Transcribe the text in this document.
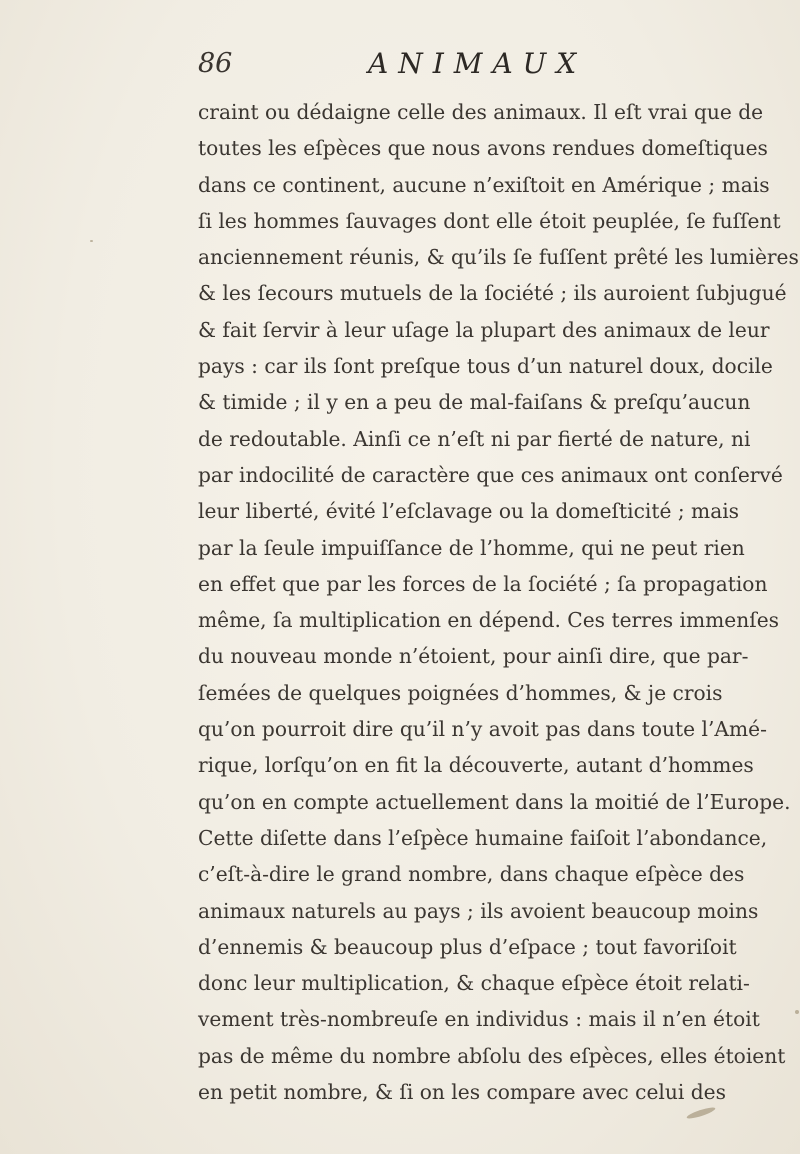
86	ANIMAUX
craint ou dédaigne celle des animaux. Il eſt vrai que de
toutes les eſpèces que nous avons rendues domeſtiques
dans ce continent, aucune n’exiſtoit en Amérique ; mais
ſi les hommes ſauvages dont elle étoit peuplée, ſe fuſſent
anciennement réunis, & qu’ils ſe fuſſent prêté les lumières
& les ſecours mutuels de la ſociété ; ils auroient ſubjugué
& fait ſervir à leur uſage la plupart des animaux de leur
pays : car ils ſont preſque tous d’un naturel doux, docile
& timide ; il y en a peu de mal-faiſans & preſqu’aucun
de redoutable. Ainſi ce n’eſt ni par fierté de nature, ni
par indocilité de caractère que ces animaux ont conſervé
leur liberté, évité l’eſclavage ou la domeſticité ; mais
par la ſeule impuiſſance de l’homme, qui ne peut rien
en effet que par les forces de la ſociété ; ſa propagation
même, ſa multiplication en dépend. Ces terres immenſes
du nouveau monde n’étoient, pour ainſi dire, que par-
ſemées de quelques poignées d’hommes, & je crois
qu’on pourroit dire qu’il n’y avoit pas dans toute l’Amé-
rique, lorſqu’on en fit la découverte, autant d’hommes
qu’on en compte actuellement dans la moitié de l’Europe.
Cette diſette dans l’eſpèce humaine faiſoit l’abondance,
c’eſt-à-dire le grand nombre, dans chaque eſpèce des
animaux naturels au pays ; ils avoient beaucoup moins
d’ennemis & beaucoup plus d’eſpace ; tout favoriſoit
donc leur multiplication, & chaque eſpèce étoit relati-
vement très-nombreuſe en individus : mais il n’en étoit
pas de même du nombre abſolu des eſpèces, elles étoient
en petit nombre, & ſi on les compare avec celui des
